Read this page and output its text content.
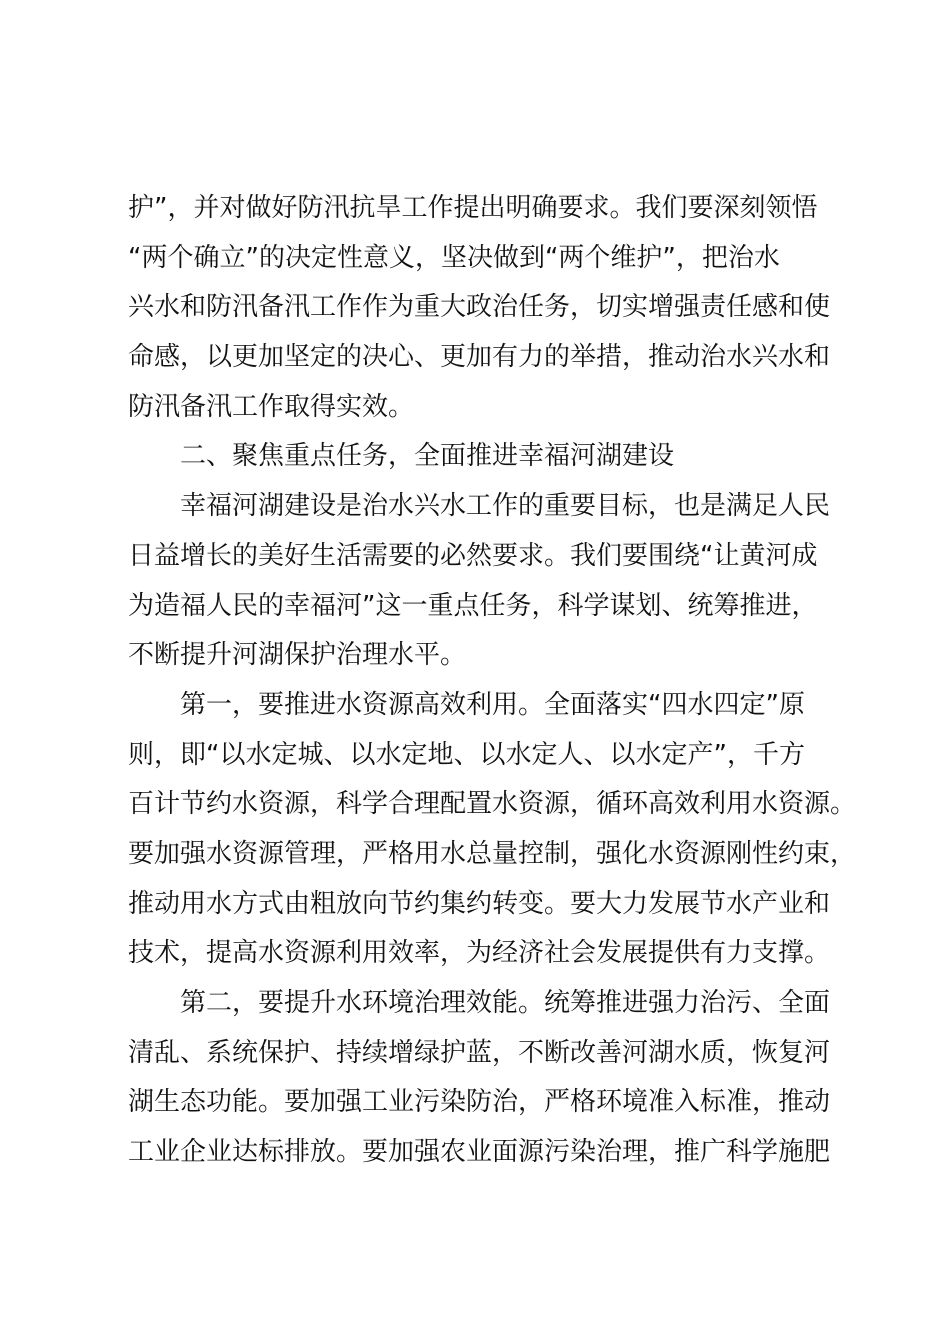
护”，并对做好防汛抗旱工作提出明确要求。我们要深刻领悟
“两个确立”的决定性意义，坚决做到“两个维护”，把治水
兴水和防汛备汛工作作为重大政治任务，切实增强责任感和使
命感，以更加坚定的决心、更加有力的举措，推动治水兴水和
防汛备汛工作取得实效。
二、聚焦重点任务，全面推进幸福河湖建设
幸福河湖建设是治水兴水工作的重要目标，也是满足人民
日益增长的美好生活需要的必然要求。我们要围绕“让黄河成
为造福人民的幸福河”这一重点任务，科学谋划、统筹推进，
不断提升河湖保护治理水平。
第一，要推进水资源高效利用。全面落实“四水四定”原
则，即“以水定城、以水定地、以水定人、以水定产”，千方
百计节约水资源，科学合理配置水资源，循环高效利用水资源。
要加强水资源管理，严格用水总量控制，强化水资源刚性约束，
推动用水方式由粗放向节约集约转变。要大力发展节水产业和
技术，提高水资源利用效率，为经济社会发展提供有力支撑。
第二，要提升水环境治理效能。统筹推进强力治污、全面
清乱、系统保护、持续增绿护蓝，不断改善河湖水质，恢复河
湖生态功能。要加强工业污染防治，严格环境准入标准，推动
工业企业达标排放。要加强农业面源污染治理，推广科学施肥
